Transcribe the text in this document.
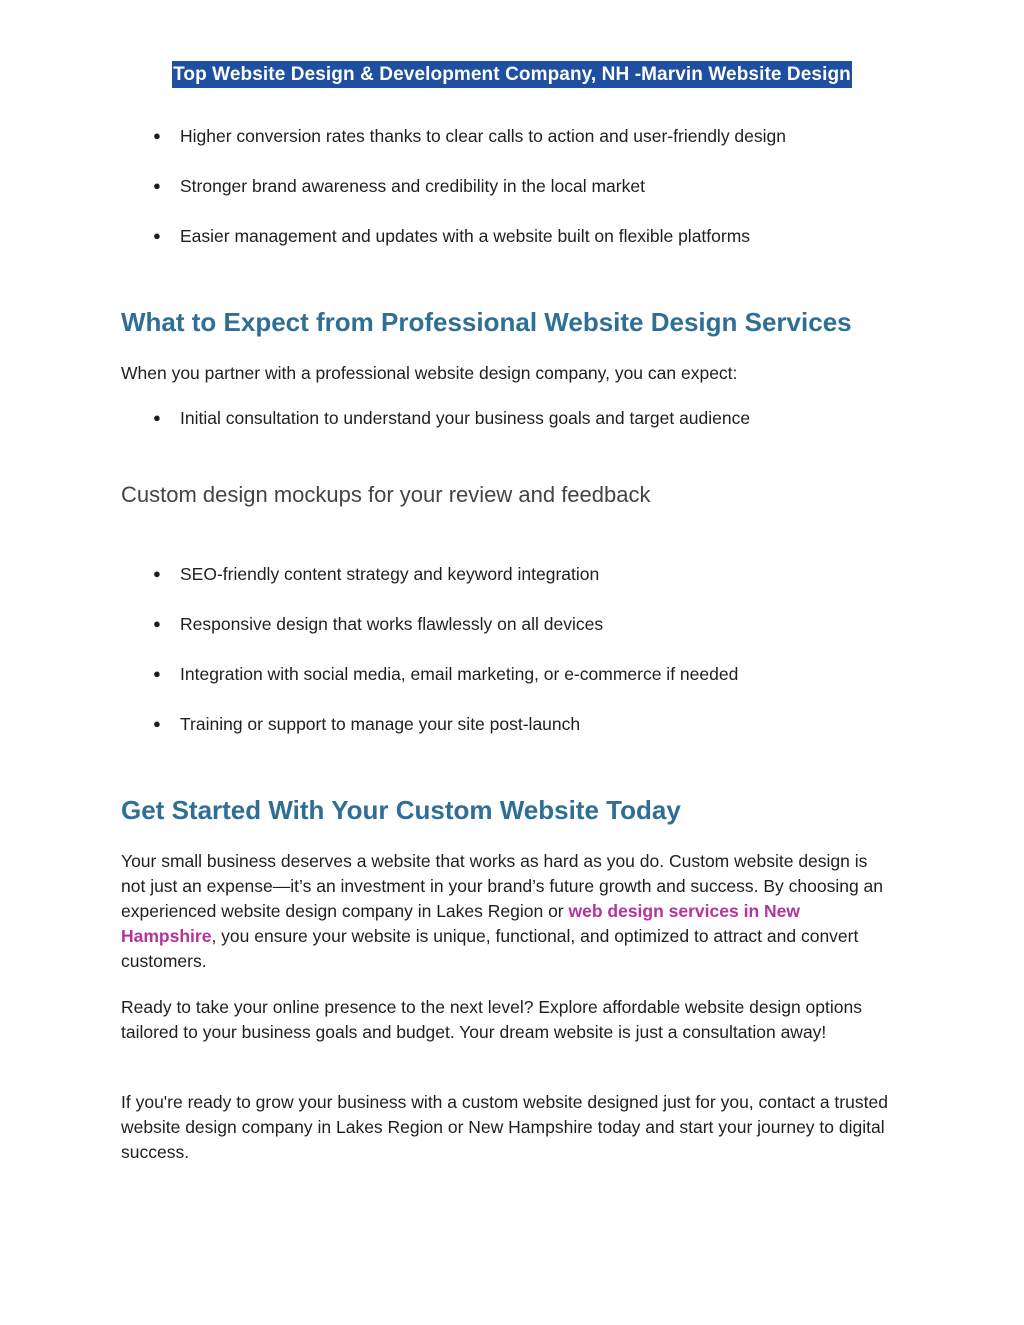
Top Website Design & Development Company, NH -Marvin Website Design
● Higher conversion rates thanks to clear calls to action and user-friendly design
● Stronger brand awareness and credibility in the local market
● Easier management and updates with a website built on flexible platforms
What to Expect from Professional Website Design Services

When you partner with a professional website design company, you can expect:

● Initial consultation to understand your business goals and target audience
Custom design mockups for your review and feedback
● SEO-friendly content strategy and keyword integration
● Responsive design that works flawlessly on all devices
● Integration with social media, email marketing, or e-commerce if needed
● Training or support to manage your site post-launch
Get Started With Your Custom Website Today

Your small business deserves a website that works as hard as you do. Custom website design is not just an expense—it’s an investment in your brand’s future growth and success. By choosing an experienced website design company in Lakes Region or web design services in New Hampshire, you ensure your website is unique, functional, and optimized to attract and convert customers.

Ready to take your online presence to the next level? Explore affordable website design options tailored to your business goals and budget. Your dream website is just a consultation away!

If you're ready to grow your business with a custom website designed just for you, contact a trusted website design company in Lakes Region or New Hampshire today and start your journey to digital success.
